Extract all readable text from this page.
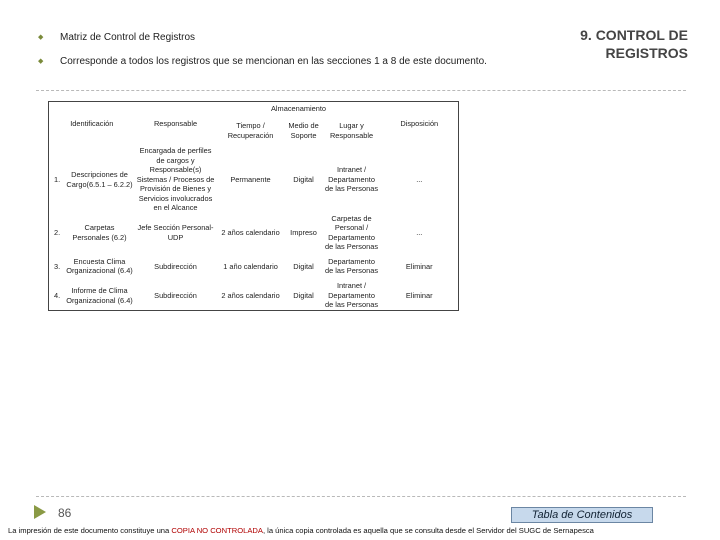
◆	Matriz de Control de Registros
◆	Corresponde a todos los registros que se mencionan en las secciones 1 a 8 de este documento.
9. CONTROL DE
REGISTROS
Identificación		Responsable	Almacenamiento			Disposición
			Tiempo / Recuperación	Medio de Soporte	Lugar y Responsable	
1.	Descripciones de Cargo(6.5.1 – 6.2.2)	Encargada de perfiles de cargos y Responsable(s) Sistemas / Procesos de Provisión de Bienes y Servicios involucrados en el Alcance	Permanente	Digital	Intranet / Departamento de las Personas	...
2.	Carpetas Personales (6.2)	Jefe Sección Personal- UDP	2 años calendario	Impreso	Carpetas de Personal / Departamento de las Personas	...
3.	Encuesta Clima Organizacional (6.4)	Subdirección	1 año calendario	Digital	Departamento de las Personas	Eliminar
4.	Informe de Clima Organizacional (6.4)	Subdirección	2 años calendario	Digital	Intranet / Departamento de las Personas	Eliminar
86	Tabla de Contenidos
La impresión de este documento constituye una COPIA NO CONTROLADA, la única copia controlada es aquella que se consulta desde el Servidor del SUGC de Sernapesca
